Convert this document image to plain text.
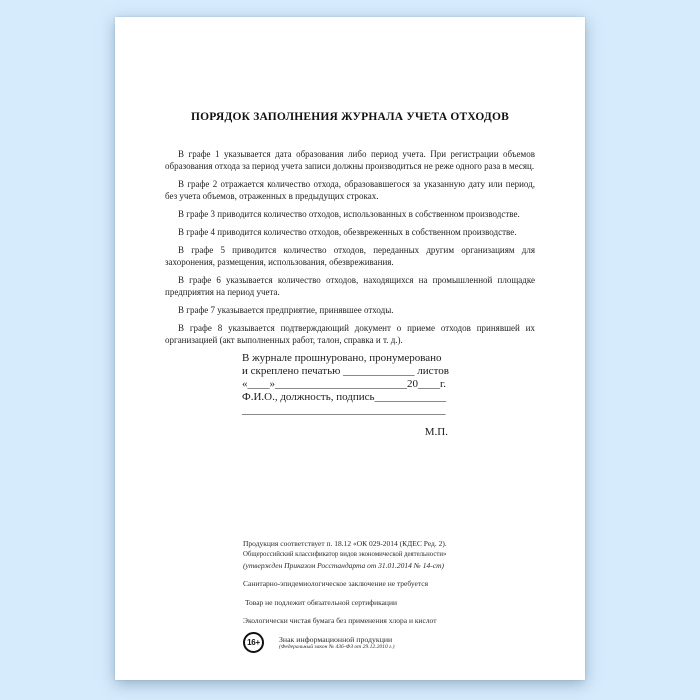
ПОРЯДОК ЗАПОЛНЕНИЯ ЖУРНАЛА УЧЕТА ОТХОДОВ

В графе 1 указывается дата образования либо период учета. При регистрации объемов образования отхода за период учета записи должны производиться не реже одного раза в месяц.

В графе 2 отражается количество отхода, образовавшегося за указанную дату или период, без учета объемов, отраженных в предыдущих строках.

В графе 3 приводится количество отходов, использованных в собственном производстве.

В графе 4 приводится количество отходов, обезвреженных в собственном производстве.

В графе 5 приводится количество отходов, переданных другим организациям для захоронения, размещения, использования, обезвреживания.

В графе 6 указывается количество отходов, находящихся на промышленной площадке предприятия на период учета.

В графе 7 указывается предприятие, принявшее отходы.

В графе 8 указывается подтверждающий документ о приеме отходов принявшей их организацией (акт выполненных работ, талон, справка и т. д.).

В журнале прошнуровано, пронумеровано
и скреплено печатью _____________ листов
«____»________________________20____г.
Ф.И.О., должность, подпись_____________
_____________________________________
М.П.
Продукция соответствует п. 18.12 «ОК 029-2014 (КДЕС Ред. 2).
Общероссийский классификатор видов экономической деятельности»
(утвержден Приказом Росстандарта от 31.01.2014 № 14-ст)
Санитарно-эпидемиологическое заключение не требуется
Товар не подлежит обязательной сертификации
Экологически чистая бумага без применения хлора и кислот
16+ Знак информационной продукции
(Федеральный закон № 436-ФЗ от 29.12.2010 г.)
